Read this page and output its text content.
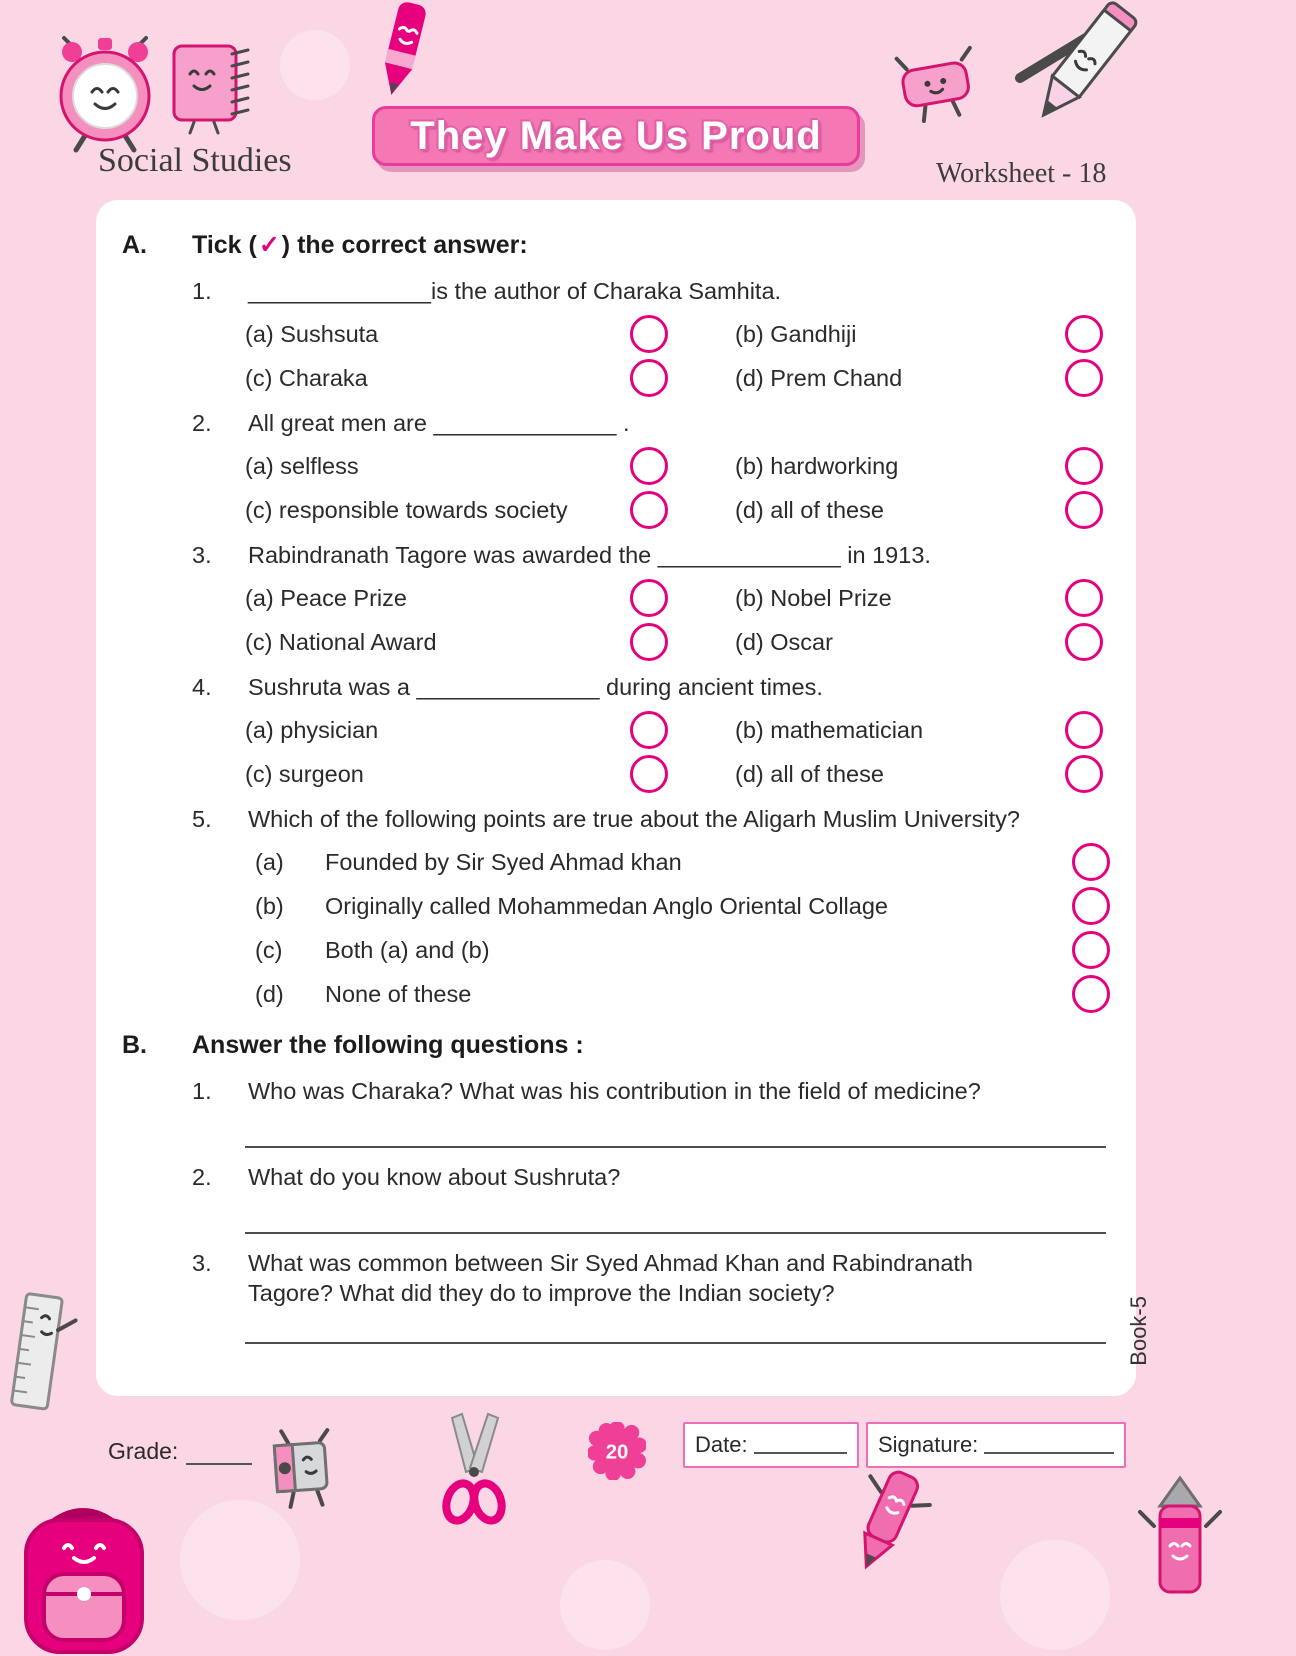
Social Studies
They Make Us Proud
Worksheet - 18
A.	Tick (✓) the correct answer:
1.	______________is the author of Charaka Samhita.
(a) Sushsuta	(b) Gandhiji
(c) Charaka	(d) Prem Chand
2.	All great men are ______________ .
(a) selfless	(b) hardworking
(c) responsible towards society	(d) all of these
3.	Rabindranath Tagore was awarded the ______________ in 1913.
(a) Peace Prize	(b) Nobel Prize
(c) National Award	(d) Oscar
4.	Sushruta was a ______________ during ancient times.
(a) physician	(b) mathematician
(c) surgeon	(d) all of these
5.	Which of the following points are true about the Aligarh Muslim University?
(a)	Founded by Sir Syed Ahmad khan
(b)	Originally called Mohammedan Anglo Oriental Collage
(c)	Both (a) and (b)
(d)	None of these
B.	Answer the following questions :
1.	Who was Charaka? What was his contribution in the field of medicine?
2.	What do you know about Sushruta?
3.	What was common between Sir Syed Ahmad Khan and Rabindranath Tagore? What did they do to improve the Indian society?
Book-5
Grade:	20	Date:	Signature:
